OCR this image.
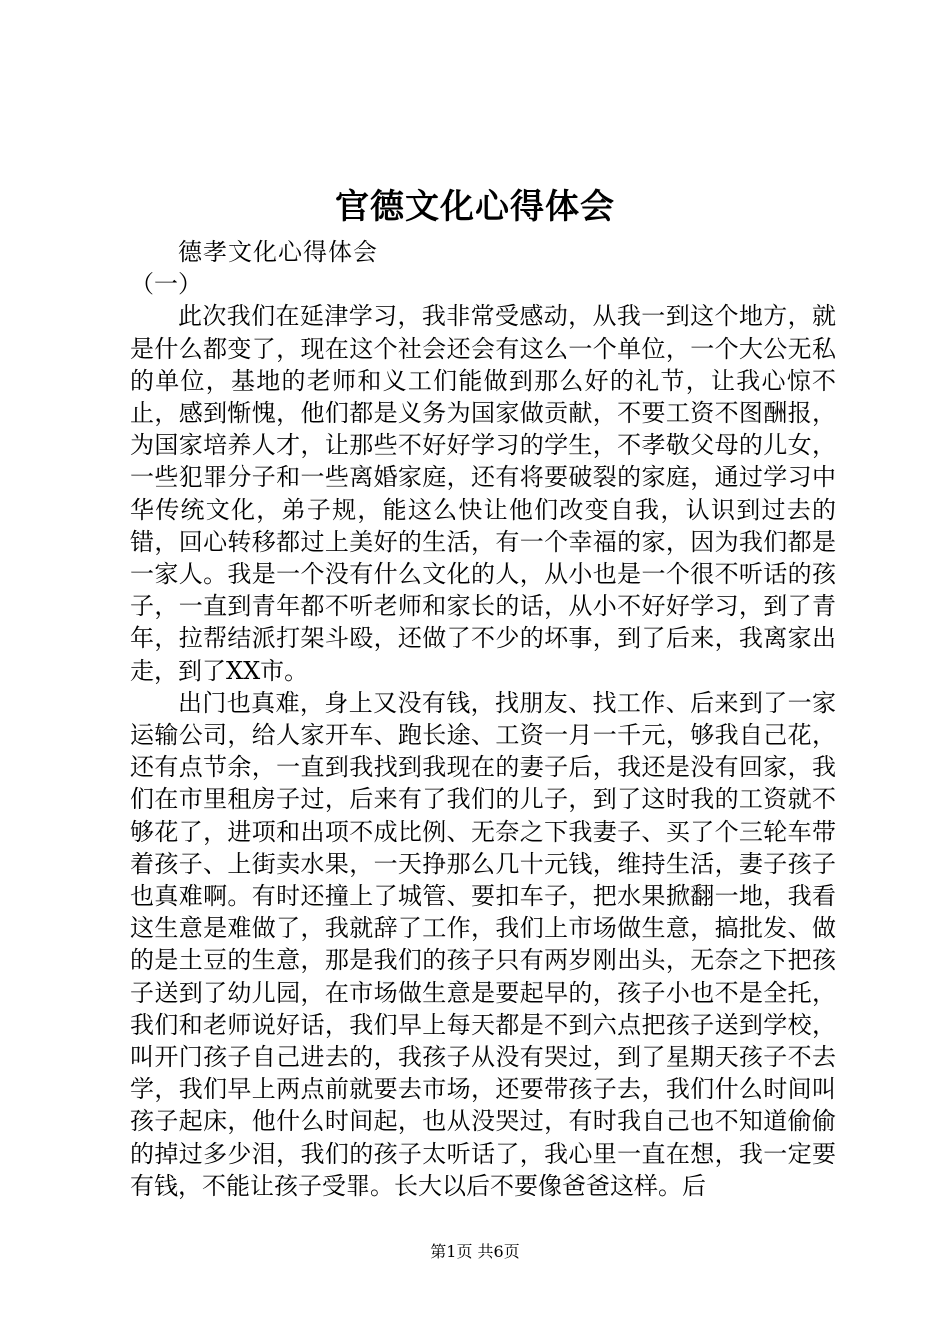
官德文化心得体会

德孝文化心得体会

（一）

此次我们在延津学习，我非常受感动，从我一到这个地方，就是什么都变了，现在这个社会还会有这么一个单位，一个大公无私的单位，基地的老师和义工们能做到那么好的礼节，让我心惊不止，感到惭愧，他们都是义务为国家做贡献，不要工资不图酬报，为国家培养人才，让那些不好好学习的学生，不孝敬父母的儿女，一些犯罪分子和一些离婚家庭，还有将要破裂的家庭，通过学习中华传统文化，弟子规，能这么快让他们改变自我，认识到过去的错，回心转移都过上美好的生活，有一个幸福的家，因为我们都是一家人。我是一个没有什么文化的人，从小也是一个很不听话的孩子，一直到青年都不听老师和家长的话，从小不好好学习，到了青年，拉帮结派打架斗殴，还做了不少的坏事，到了后来，我离家出走，到了XX市。

出门也真难，身上又没有钱，找朋友、找工作、后来到了一家运输公司，给人家开车、跑长途、工资一月一千元，够我自己花，还有点节余，一直到我找到我现在的妻子后，我还是没有回家，我们在市里租房子过，后来有了我们的儿子，到了这时我的工资就不够花了，进项和出项不成比例、无奈之下我妻子、买了个三轮车带着孩子、上街卖水果，一天挣那么几十元钱，维持生活，妻子孩子也真难啊。有时还撞上了城管、要扣车子，把水果掀翻一地，我看这生意是难做了，我就辞了工作，我们上市场做生意，搞批发、做的是土豆的生意，那是我们的孩子只有两岁刚出头，无奈之下把孩子送到了幼儿园，在市场做生意是要起早的，孩子小也不是全托，我们和老师说好话，我们早上每天都是不到六点把孩子送到学校，叫开门孩子自己进去的，我孩子从没有哭过，到了星期天孩子不去学，我们早上两点前就要去市场，还要带孩子去，我们什么时间叫孩子起床，他什么时间起，也从没哭过，有时我自己也不知道偷偷的掉过多少泪，我们的孩子太听话了，我心里一直在想，我一定要有钱，不能让孩子受罪。长大以后不要像爸爸这样。后

第1页 共6页
